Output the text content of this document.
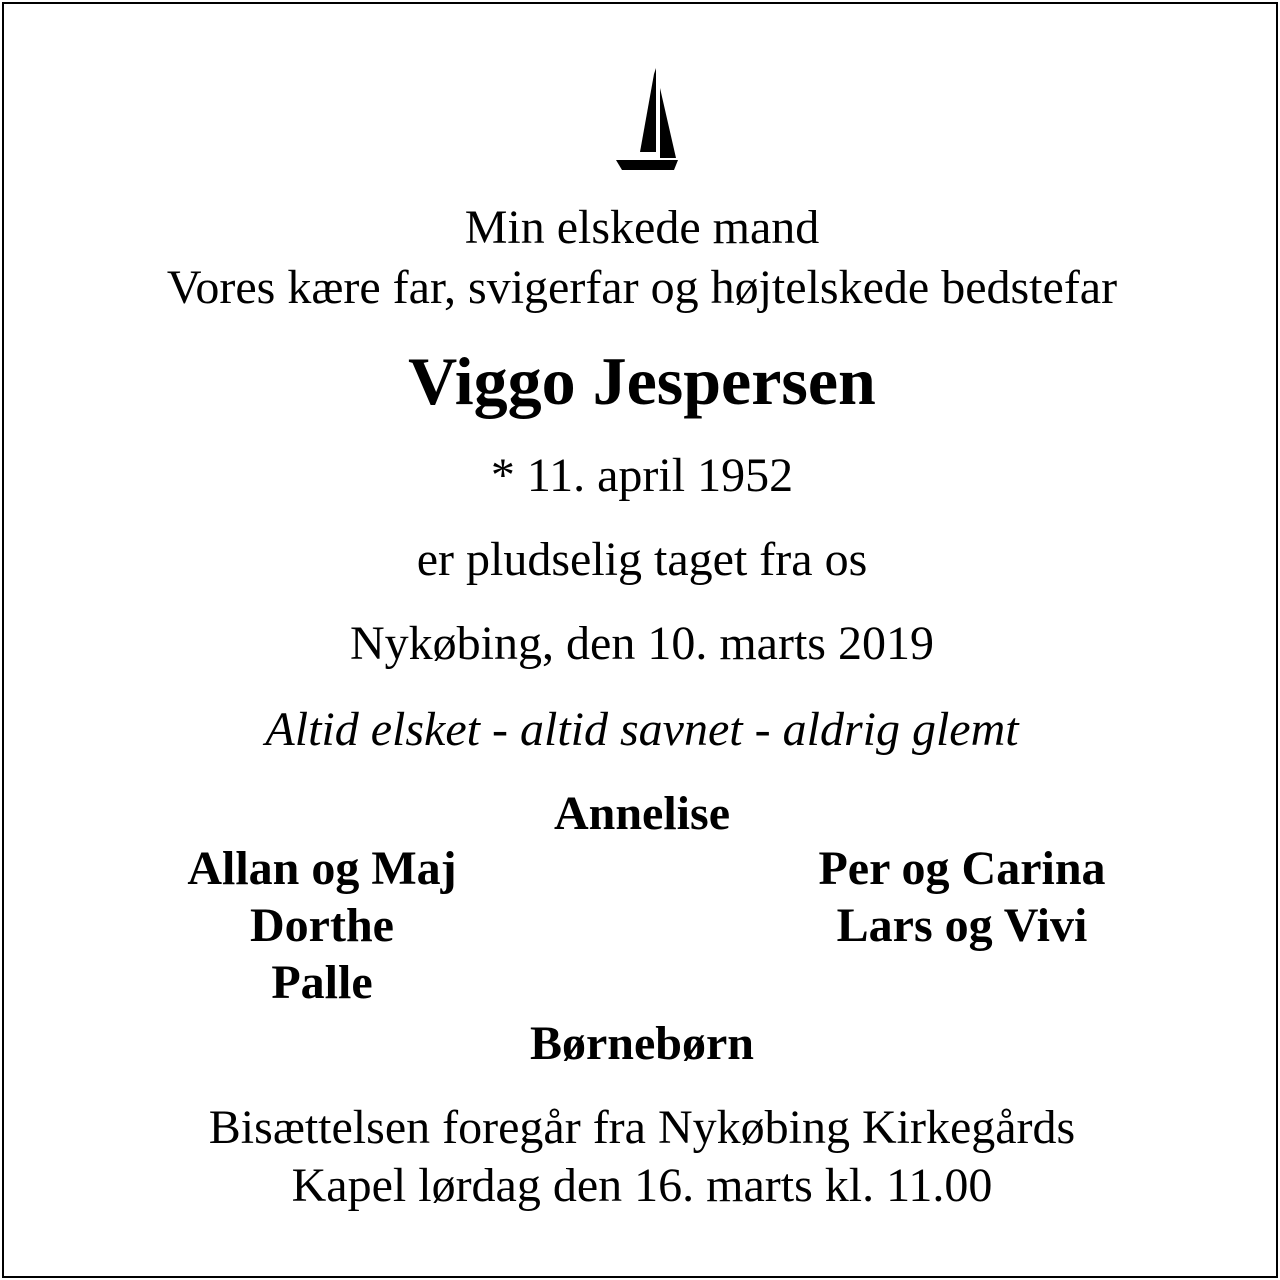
Min elskede mand
Vores kære far, svigerfar og højtelskede bedstefar
Viggo Jespersen
* 11. april 1952
er pludselig taget fra os
Nykøbing, den 10. marts 2019
Altid elsket - altid savnet - aldrig glemt
Annelise
Allan og Maj
Dorthe
Palle
Per og Carina
Lars og Vivi
Børnebørn
Bisættelsen foregår fra Nykøbing Kirkegårds
Kapel lørdag den 16. marts kl. 11.00
